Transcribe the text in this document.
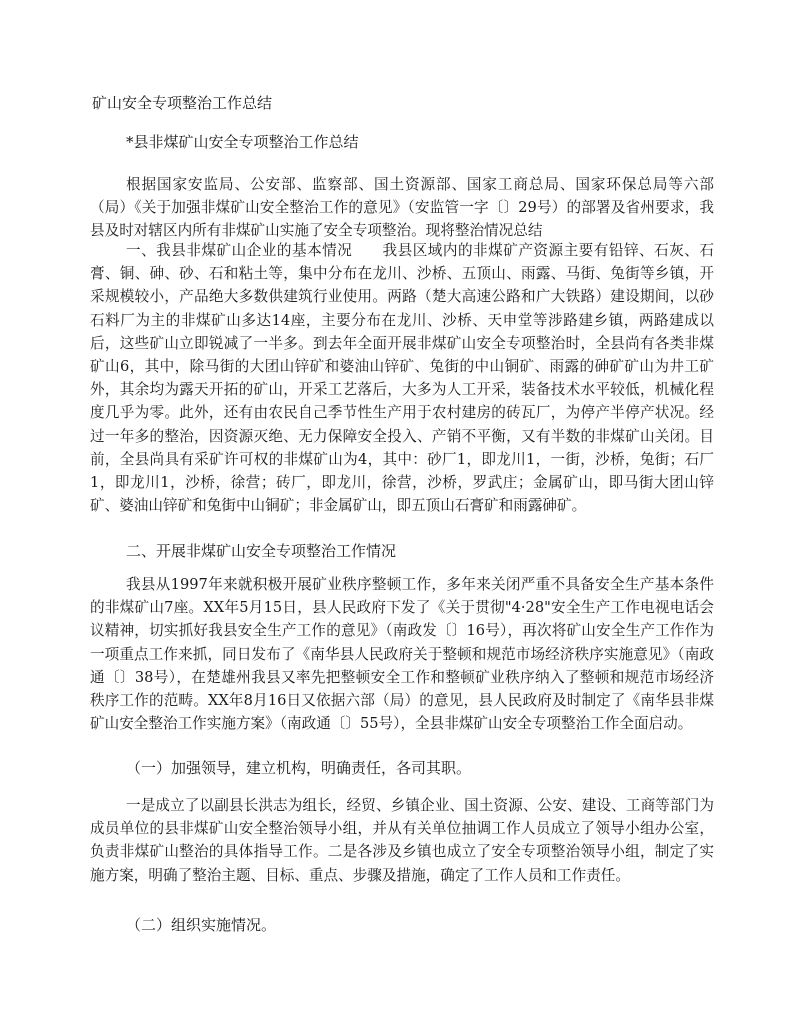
矿山安全专项整治工作总结
*县非煤矿山安全专项整治工作总结

根据国家安监局、公安部、监察部、国土资源部、国家工商总局、国家环保总局等六部（局）《关于加强非煤矿山安全整治工作的意见》（安监管一字〔〕29号）的部署及省州要求，我县及时对辖区内所有非煤矿山实施了安全专项整治。现将整治情况总结

一、我县非煤矿山企业的基本情况　　我县区域内的非煤矿产资源主要有铅锌、石灰、石膏、铜、砷、砂、石和粘土等，集中分布在龙川、沙桥、五顶山、雨露、马街、兔街等乡镇，开采规模较小，产品绝大多数供建筑行业使用。两路（楚大高速公路和广大铁路）建设期间，以砂石料厂为主的非煤矿山多达14座，主要分布在龙川、沙桥、天申堂等涉路建乡镇，两路建成以后，这些矿山立即锐减了一半多。到去年全面开展非煤矿山安全专项整治时，全县尚有各类非煤矿山6，其中，除马街的大团山锌矿和婆油山锌矿、兔街的中山铜矿、雨露的砷矿矿山为井工矿外，其余均为露天开拓的矿山，开采工艺落后，大多为人工开采，装备技术水平较低，机械化程度几乎为零。此外，还有由农民自己季节性生产用于农村建房的砖瓦厂，为停产半停产状况。经过一年多的整治，因资源灭绝、无力保障安全投入、产销不平衡，又有半数的非煤矿山关闭。目前，全县尚具有采矿许可权的非煤矿山为4，其中：砂厂1，即龙川1，一街，沙桥，兔街；石厂1，即龙川1，沙桥，徐营；砖厂，即龙川，徐营，沙桥，罗武庄；金属矿山，即马街大团山锌矿、婆油山锌矿和兔街中山铜矿；非金属矿山，即五顶山石膏矿和雨露砷矿。

二、开展非煤矿山安全专项整治工作情况

我县从1997年来就积极开展矿业秩序整顿工作，多年来关闭严重不具备安全生产基本条件的非煤矿山7座。XX年5月15日，县人民政府下发了《关于贯彻"4·28"安全生产工作电视电话会议精神，切实抓好我县安全生产工作的意见》（南政发〔〕16号），再次将矿山安全生产工作作为一项重点工作来抓，同日发布了《南华县人民政府关于整顿和规范市场经济秩序实施意见》（南政通〔〕38号），在楚雄州我县又率先把整顿安全工作和整顿矿业秩序纳入了整顿和规范市场经济秩序工作的范畴。XX年8月16日又依据六部（局）的意见，县人民政府及时制定了《南华县非煤矿山安全整治工作实施方案》（南政通〔〕55号），全县非煤矿山安全专项整治工作全面启动。

（一）加强领导，建立机构，明确责任，各司其职。

一是成立了以副县长洪志为组长，经贸、乡镇企业、国土资源、公安、建设、工商等部门为成员单位的县非煤矿山安全整治领导小组，并从有关单位抽调工作人员成立了领导小组办公室，负责非煤矿山整治的具体指导工作。二是各涉及乡镇也成立了安全专项整治领导小组，制定了实施方案，明确了整治主题、目标、重点、步骤及措施，确定了工作人员和工作责任。

（二）组织实施情况。
